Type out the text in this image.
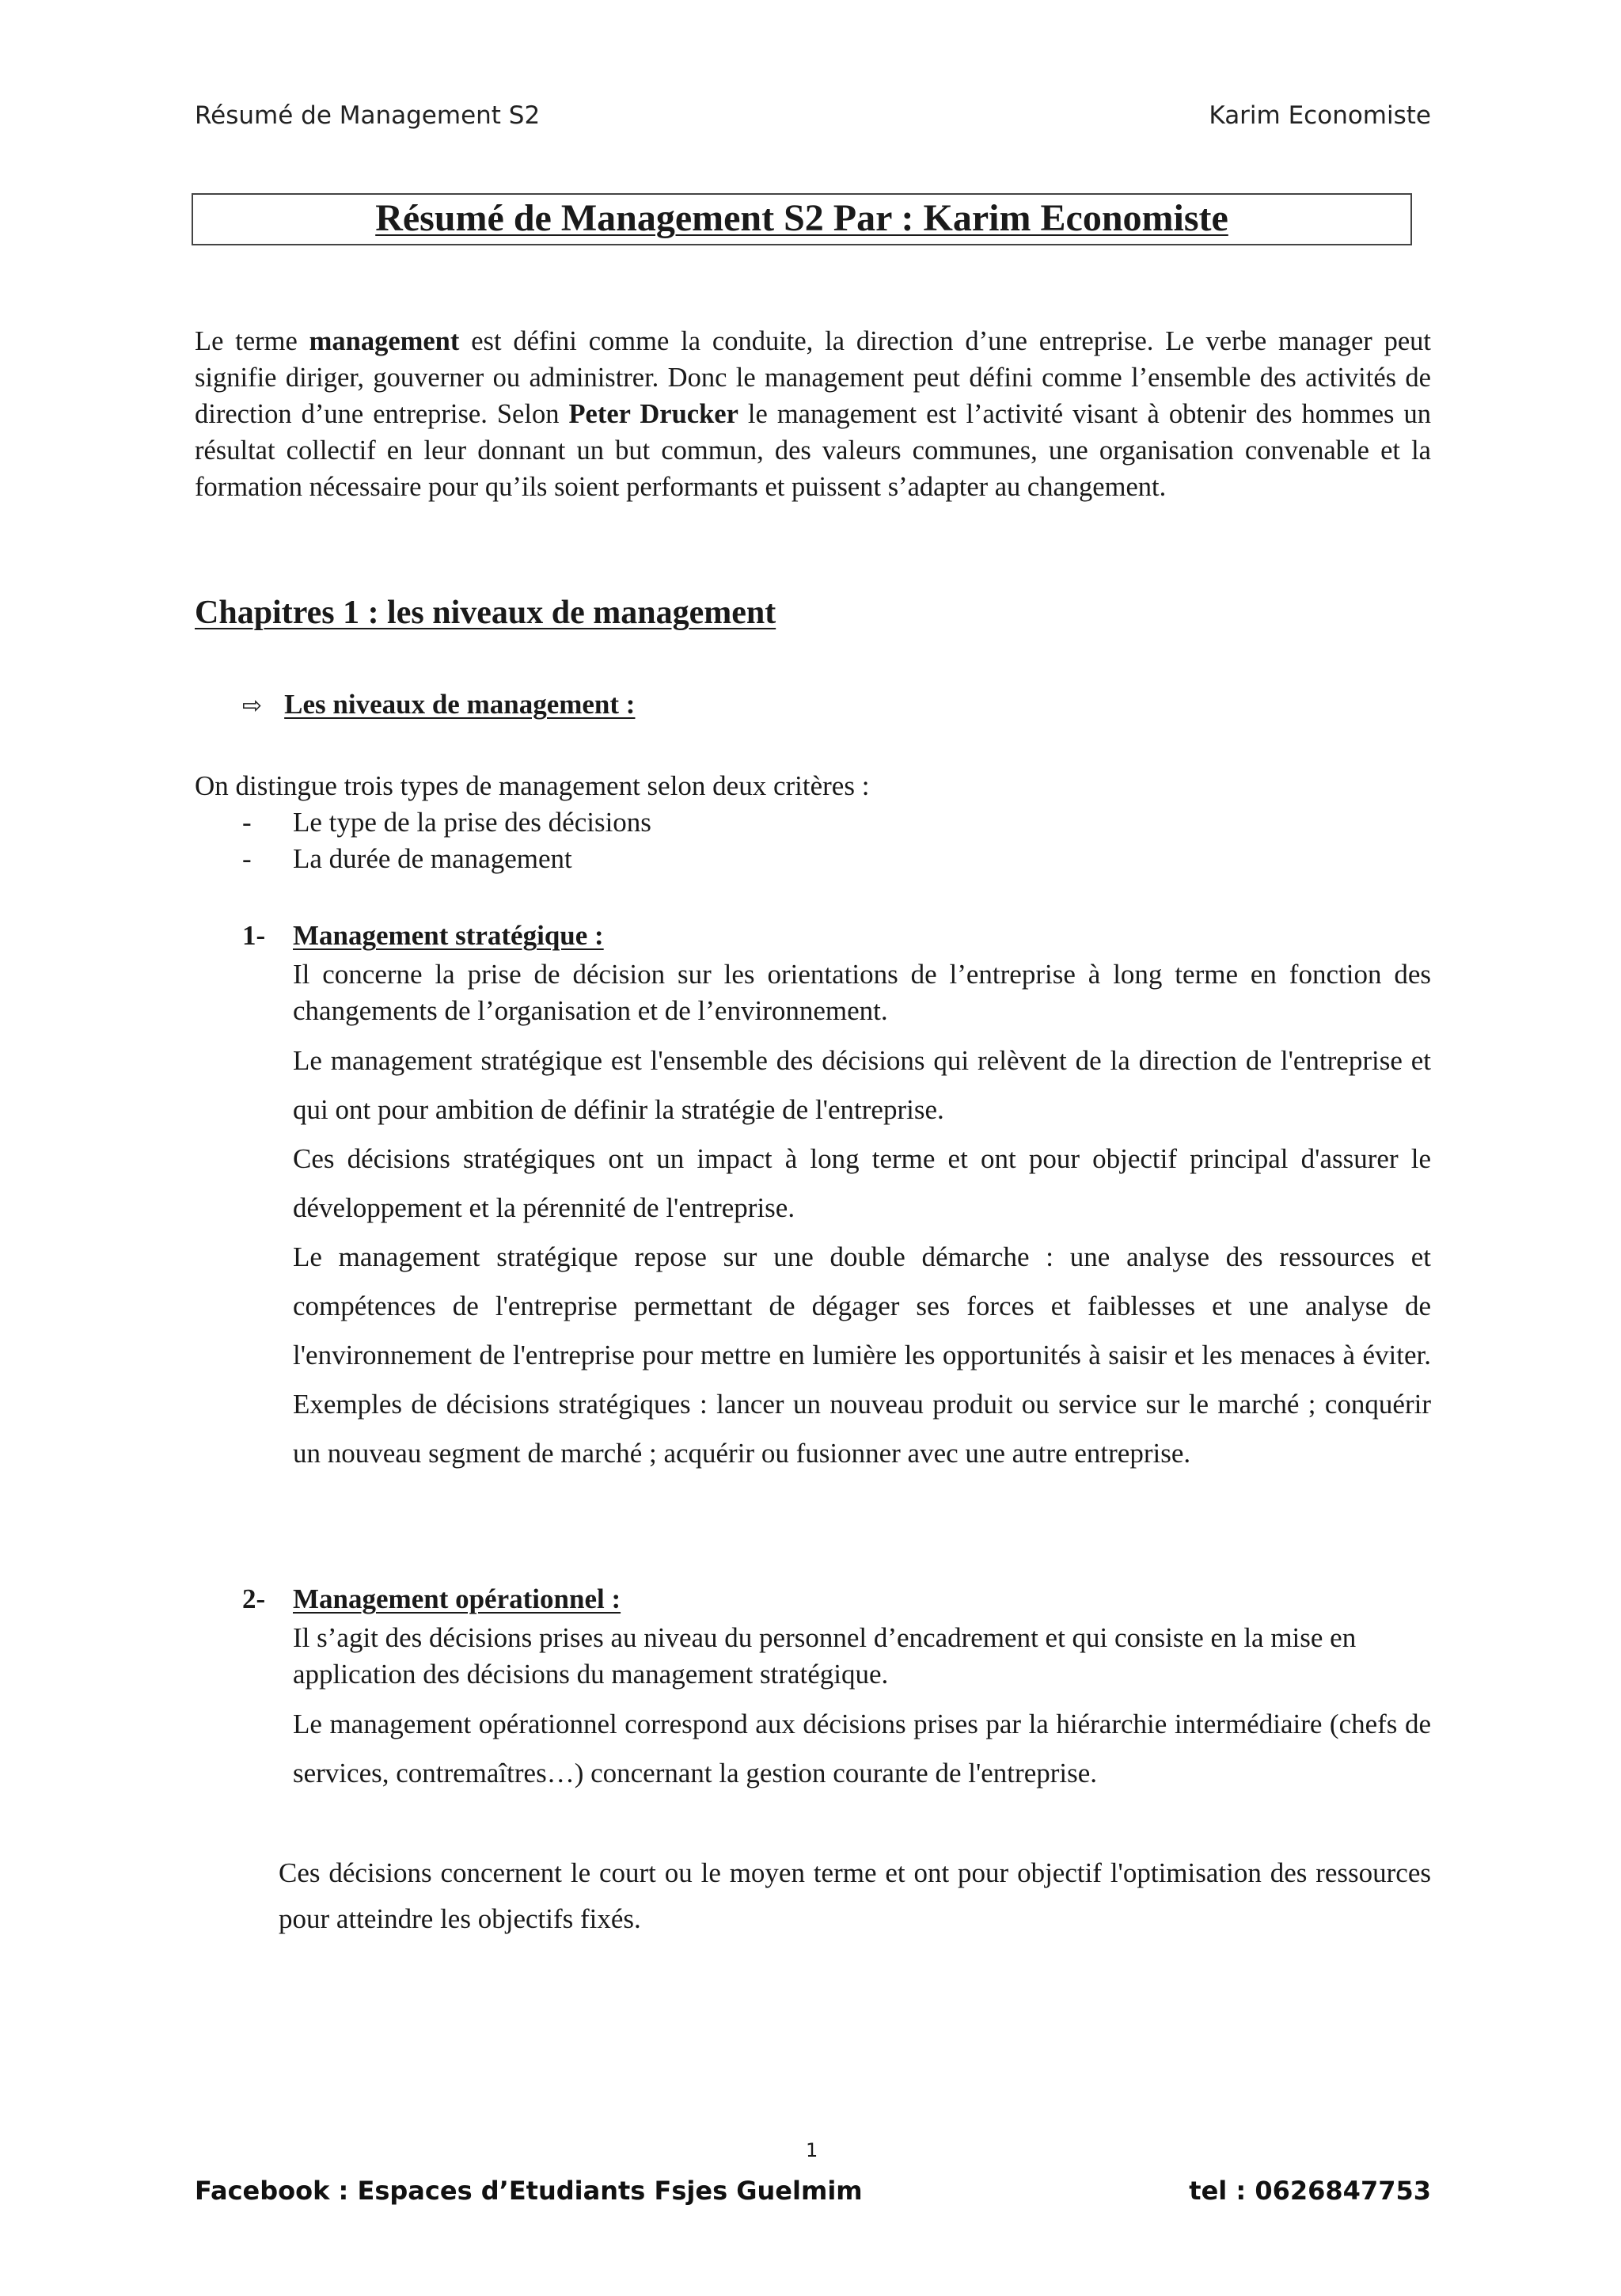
Résumé de Management S2	Karim Economiste
Résumé de Management S2 Par : Karim Economiste

Le terme management est défini comme la conduite, la direction d’une entreprise. Le verbe manager peut signifie diriger, gouverner ou administrer. Donc le management peut défini comme l’ensemble des activités de direction d’une entreprise. Selon Peter Drucker le management est l’activité visant à obtenir des hommes un résultat collectif en leur donnant un but commun, des valeurs communes, une organisation convenable et la formation nécessaire pour qu’ils soient performants et puissent s’adapter au changement.

Chapitres 1 : les niveaux de management
⇨ Les niveaux de management :
On distingue trois types de management selon deux critères :
- Le type de la prise des décisions
- La durée de management
1- Management stratégique :

Il concerne la prise de décision sur les orientations de l’entreprise à long terme en fonction des changements de l’organisation et de l’environnement.

Le management stratégique est l'ensemble des décisions qui relèvent de la direction de l'entreprise et qui ont pour ambition de définir la stratégie de l'entreprise.

Ces décisions stratégiques ont un impact à long terme et ont pour objectif principal d'assurer le développement et la pérennité de l'entreprise.

Le management stratégique repose sur une double démarche : une analyse des ressources et compétences de l'entreprise permettant de dégager ses forces et faiblesses et une analyse de l'environnement de l'entreprise pour mettre en lumière les opportunités à saisir et les menaces à éviter. Exemples de décisions stratégiques : lancer un nouveau produit ou service sur le marché ; conquérir un nouveau segment de marché ; acquérir ou fusionner avec une autre entreprise.

2- Management opérationnel :

Il s’agit des décisions prises au niveau du personnel d’encadrement et qui consiste en la mise en application des décisions du management stratégique.

Le management opérationnel correspond aux décisions prises par la hiérarchie intermédiaire (chefs de services, contremaîtres…) concernant la gestion courante de l'entreprise.

Ces décisions concernent le court ou le moyen terme et ont pour objectif l'optimisation des ressources pour atteindre les objectifs fixés.

1
Facebook : Espaces d’Etudiants Fsjes Guelmim	tel : 0626847753
